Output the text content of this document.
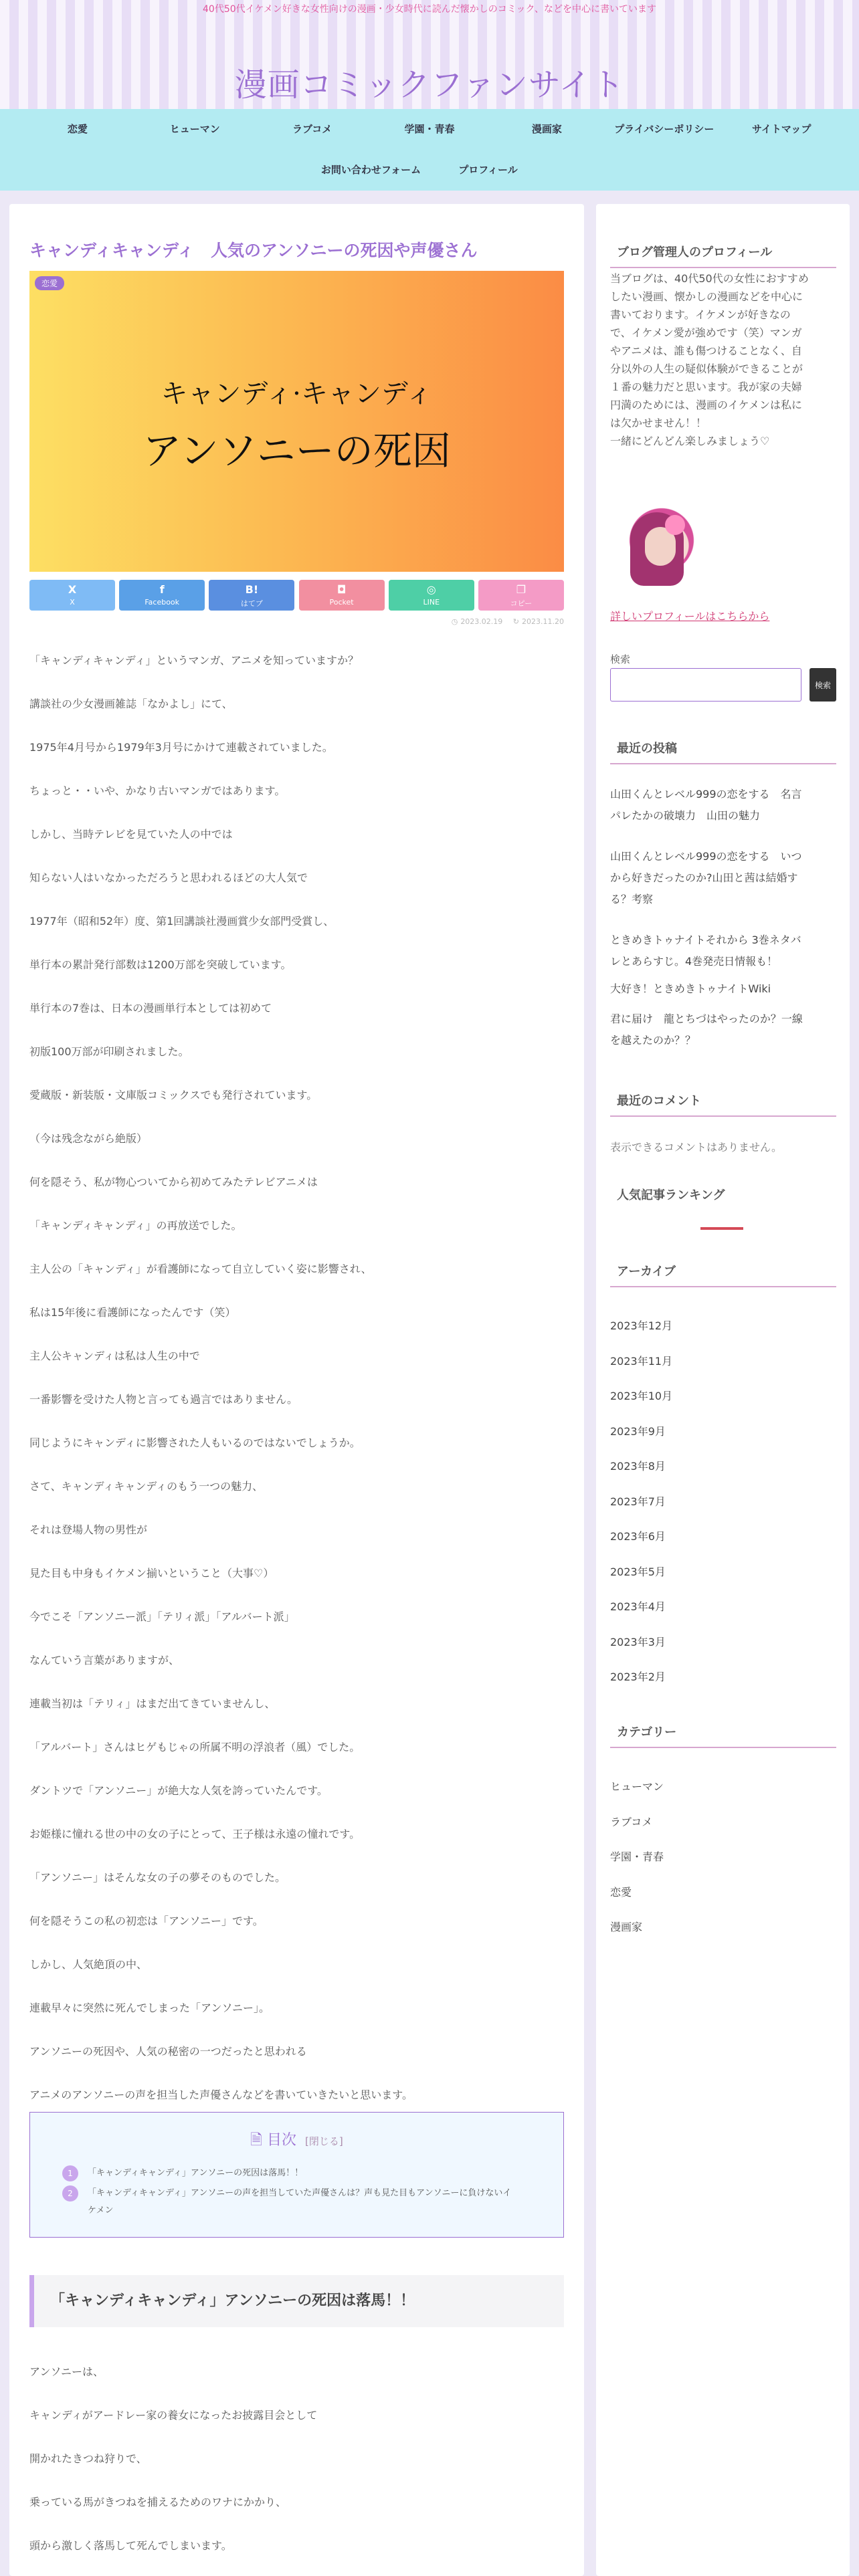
40代50代イケメン好きな女性向けの漫画・少女時代に読んだ懐かしのコミック、などを中心に書いています
漫画コミックファンサイト
恋愛	ヒューマン	ラブコメ	学園・青春	漫画家	プライバシーポリシー	サイトマップ
お問い合わせフォーム	プロフィール
キャンディキャンディ　人気のアンソニーの死因や声優さん
恋愛
キャンディ·キャンディ
アンソニーの死因
X
X
f
Facebook
B!
はてブ
◘
Pocket
◎
LINE
❐
コピー
◷ 2023.02.19 ↻ 2023.11.20

「キャンディキャンディ」というマンガ、アニメを知っていますか？

講談社の少女漫画雑誌「なかよし」にて、

1975年4月号から1979年3月号にかけて連載されていました。

ちょっと・・いや、かなり古いマンガではあります。

しかし、当時テレビを見ていた人の中では

知らない人はいなかっただろうと思われるほどの大人気で

1977年（昭和52年）度、第1回講談社漫画賞少女部門受賞し、

単行本の累計発行部数は1200万部を突破しています。

単行本の7巻は、日本の漫画単行本としては初めて

初版100万部が印刷されました。

愛蔵版・新装版・文庫版コミックスでも発行されています。

（今は残念ながら絶版）

何を隠そう、私が物心ついてから初めてみたテレビアニメは

「キャンディキャンディ」の再放送でした。

主人公の「キャンディ」が看護師になって自立していく姿に影響され、

私は15年後に看護師になったんです（笑）

主人公キャンディは私は人生の中で

一番影響を受けた人物と言っても過言ではありません。

同じようにキャンディに影響された人もいるのではないでしょうか。

さて、キャンディキャンディのもう一つの魅力、

それは登場人物の男性が

見た目も中身もイケメン揃いということ（大事♡）

今でこそ「アンソニー派」「テリィ派」「アルバート派」

なんていう言葉がありますが、

連載当初は「テリィ」はまだ出てきていませんし、

「アルバート」さんはヒゲもじゃの所属不明の浮浪者（風）でした。

ダントツで「アンソニー」が絶大な人気を誇っていたんです。

お姫様に憧れる世の中の女の子にとって、王子様は永遠の憧れです。

「アンソニー」はそんな女の子の夢そのものでした。

何を隠そうこの私の初恋は「アンソニー」です。

しかし、人気絶頂の中、

連載早々に突然に死んでしまった「アンソニー」。

アンソニーの死因や、人気の秘密の一つだったと思われる

アニメのアンソニーの声を担当した声優さんなどを書いていきたいと思います。

🗎 目次 [閉じる]
1 「キャンディキャンディ」アンソニーの死因は落馬！！
2 「キャンディキャンディ」アンソニーの声を担当していた声優さんは？声も見た目もアンソニーに負けないイケメン
「キャンディキャンディ」アンソニーの死因は落馬！！

アンソニーは、

キャンディがアードレー家の養女になったお披露目会として

開かれたきつね狩りで、

乗っている馬がきつねを捕えるためのワナにかかり、

頭から激しく落馬して死んでしまいます。

ブログ管理人のプロフィール
当ブログは、40代50代の女性におすすめ
したい漫画、懐かしの漫画などを中心に
書いております。イケメンが好きなの
で、イケメン愛が強めです（笑）マンガ
やアニメは、誰も傷つけることなく、自
分以外の人生の疑似体験ができることが
１番の魅力だと思います。我が家の夫婦
円満のためには、漫画のイケメンは私に
は欠かせません！！
一緒にどんどん楽しみましょう♡
詳しいプロフィールはこちらから
検索
検索
最近の投稿
山田くんとレベル999の恋をする　名言
パレたかの破壊力　山田の魅力
山田くんとレベル999の恋をする　いつ
から好きだったのか?山田と茜は結婚す
る？考察
ときめきトゥナイトそれから 3巻ネタバ
レとあらすじ。4巻発売日情報も！
大好き！ときめきトゥナイトWiki
君に届け　龍とちづはやったのか？一線
を越えたのか？？
最近のコメント
表示できるコメントはありません。
人気記事ランキング
アーカイブ
2023年12月
2023年11月
2023年10月
2023年9月
2023年8月
2023年7月
2023年6月
2023年5月
2023年4月
2023年3月
2023年2月
カテゴリー
ヒューマン
ラブコメ
学園・青春
恋愛
漫画家
